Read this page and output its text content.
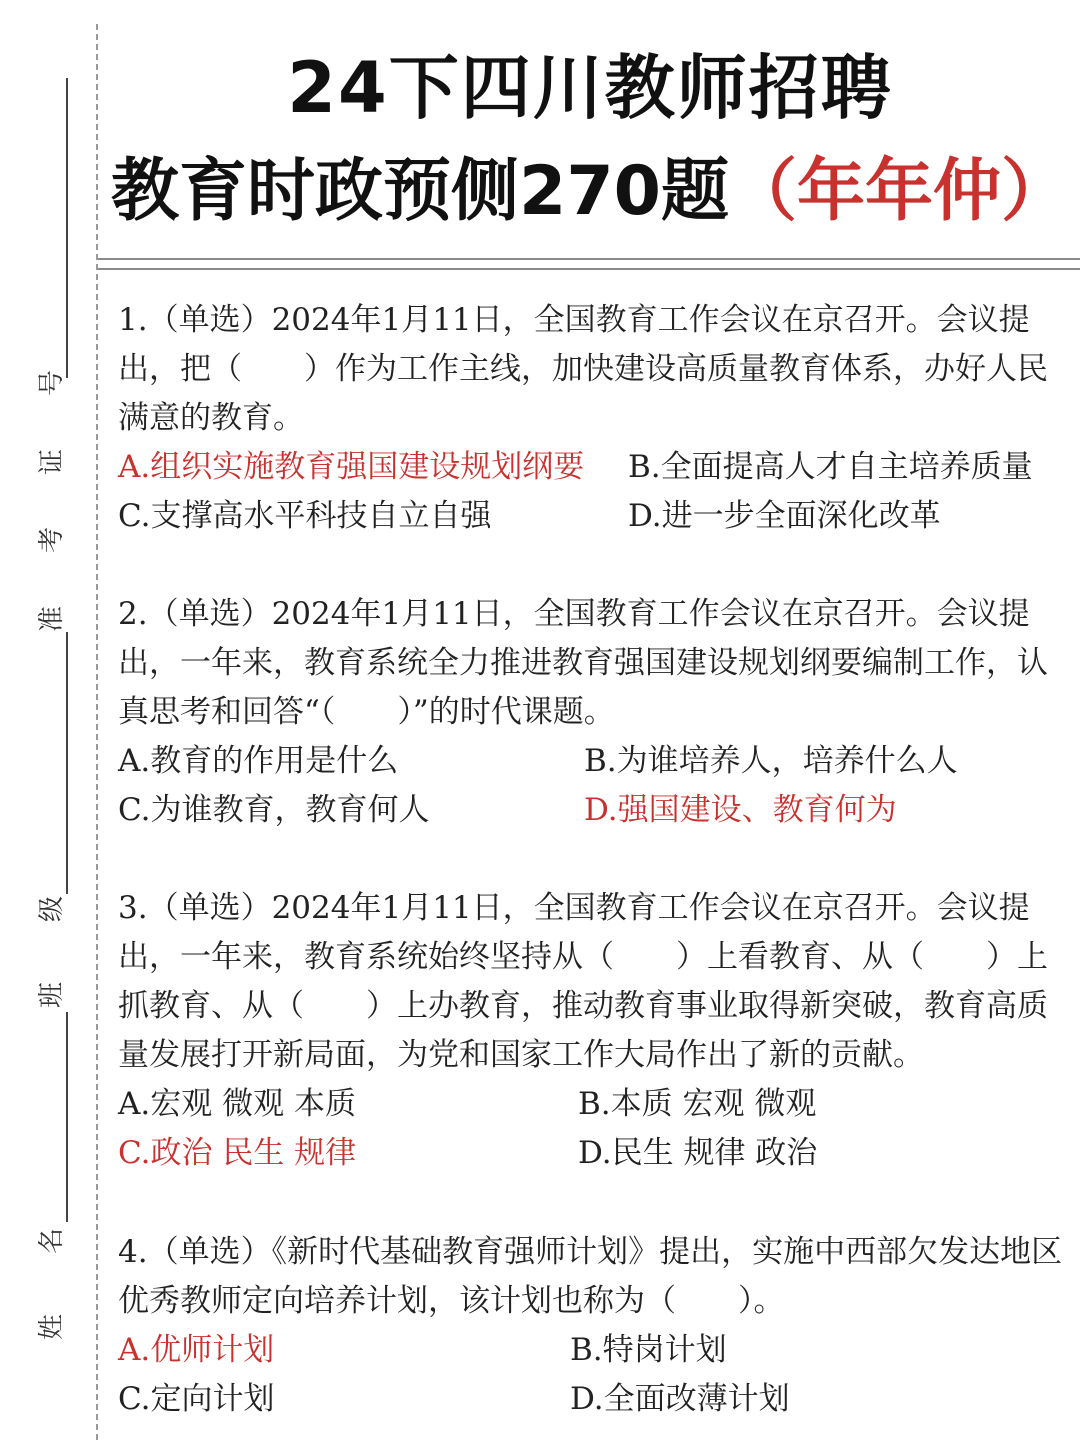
号
证
考
准
级
班
名
姓
24下四川教师招聘
教育时政预侧270题（年年仲）

1.（单选）2024年1月11日，全国教育工作会议在京召开。会议提出，把（　　）作为工作主线，加快建设高质量教育体系，办好人民满意的教育。

A.组织实施教育强国建设规划纲要	B.全面提高人才自主培养质量
C.支撑高水平科技自立自强	D.进一步全面深化改革

2.（单选）2024年1月11日，全国教育工作会议在京召开。会议提出，一年来，教育系统全力推进教育强国建设规划纲要编制工作，认真思考和回答“（　　）”的时代课题。

A.教育的作用是什么	B.为谁培养人，培养什么人
C.为谁教育，教育何人	D.强国建设、教育何为

3.（单选）2024年1月11日，全国教育工作会议在京召开。会议提出，一年来，教育系统始终坚持从（　　）上看教育、从（　　）上抓教育、从（　　）上办教育，推动教育事业取得新突破，教育高质量发展打开新局面，为党和国家工作大局作出了新的贡献。

A.宏观 微观 本质	B.本质 宏观 微观
C.政治 民生 规律	D.民生 规律 政治

4.（单选）《新时代基础教育强师计划》提出，实施中西部欠发达地区优秀教师定向培养计划，该计划也称为（　　）。

A.优师计划	B.特岗计划
C.定向计划	D.全面改薄计划
